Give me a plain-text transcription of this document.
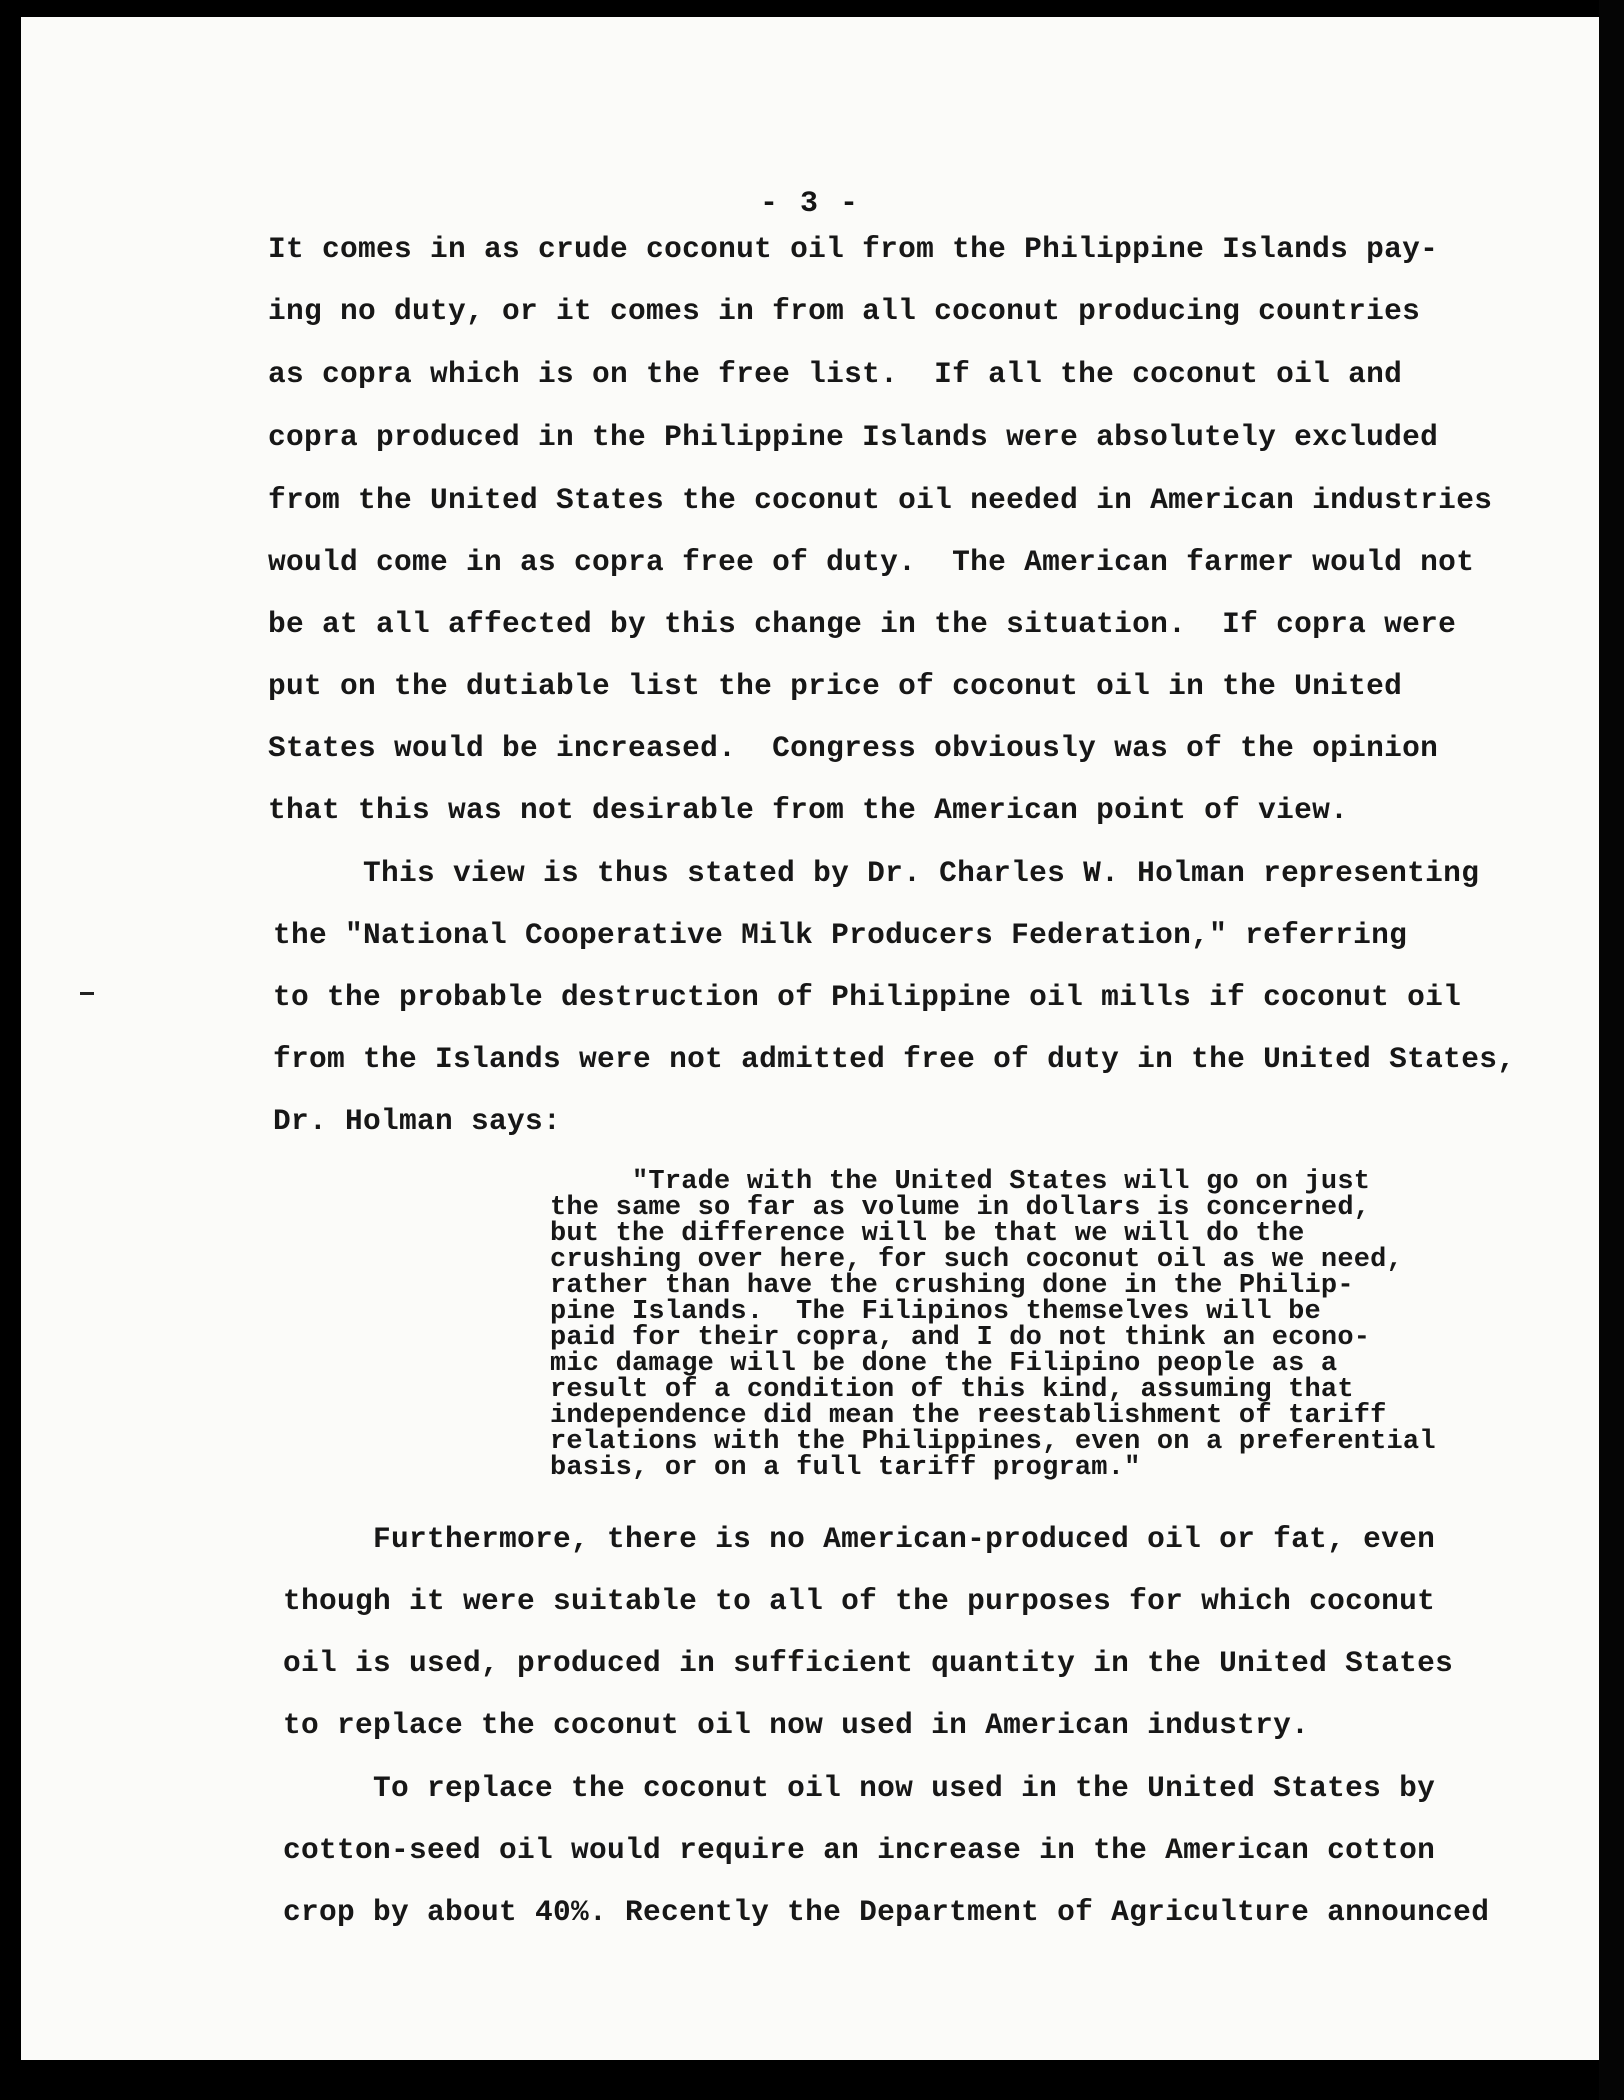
- 3 -
It comes in as crude coconut oil from the Philippine Islands pay-
ing no duty, or it comes in from all coconut producing countries
as copra which is on the free list.  If all the coconut oil and
copra produced in the Philippine Islands were absolutely excluded
from the United States the coconut oil needed in American industries
would come in as copra free of duty.  The American farmer would not
be at all affected by this change in the situation.  If copra were
put on the dutiable list the price of coconut oil in the United
States would be increased.  Congress obviously was of the opinion
that this was not desirable from the American point of view.
This view is thus stated by Dr. Charles W. Holman representing
the "National Cooperative Milk Producers Federation," referring
to the probable destruction of Philippine oil mills if coconut oil
from the Islands were not admitted free of duty in the United States,
Dr. Holman says:
"Trade with the United States will go on just
the same so far as volume in dollars is concerned,
but the difference will be that we will do the
crushing over here, for such coconut oil as we need,
rather than have the crushing done in the Philip-
pine Islands.  The Filipinos themselves will be
paid for their copra, and I do not think an econo-
mic damage will be done the Filipino people as a
result of a condition of this kind, assuming that
independence did mean the reestablishment of tariff
relations with the Philippines, even on a preferential
basis, or on a full tariff program."
Furthermore, there is no American-produced oil or fat, even
though it were suitable to all of the purposes for which coconut
oil is used, produced in sufficient quantity in the United States
to replace the coconut oil now used in American industry.
To replace the coconut oil now used in the United States by
cotton-seed oil would require an increase in the American cotton
crop by about 40%. Recently the Department of Agriculture announced
